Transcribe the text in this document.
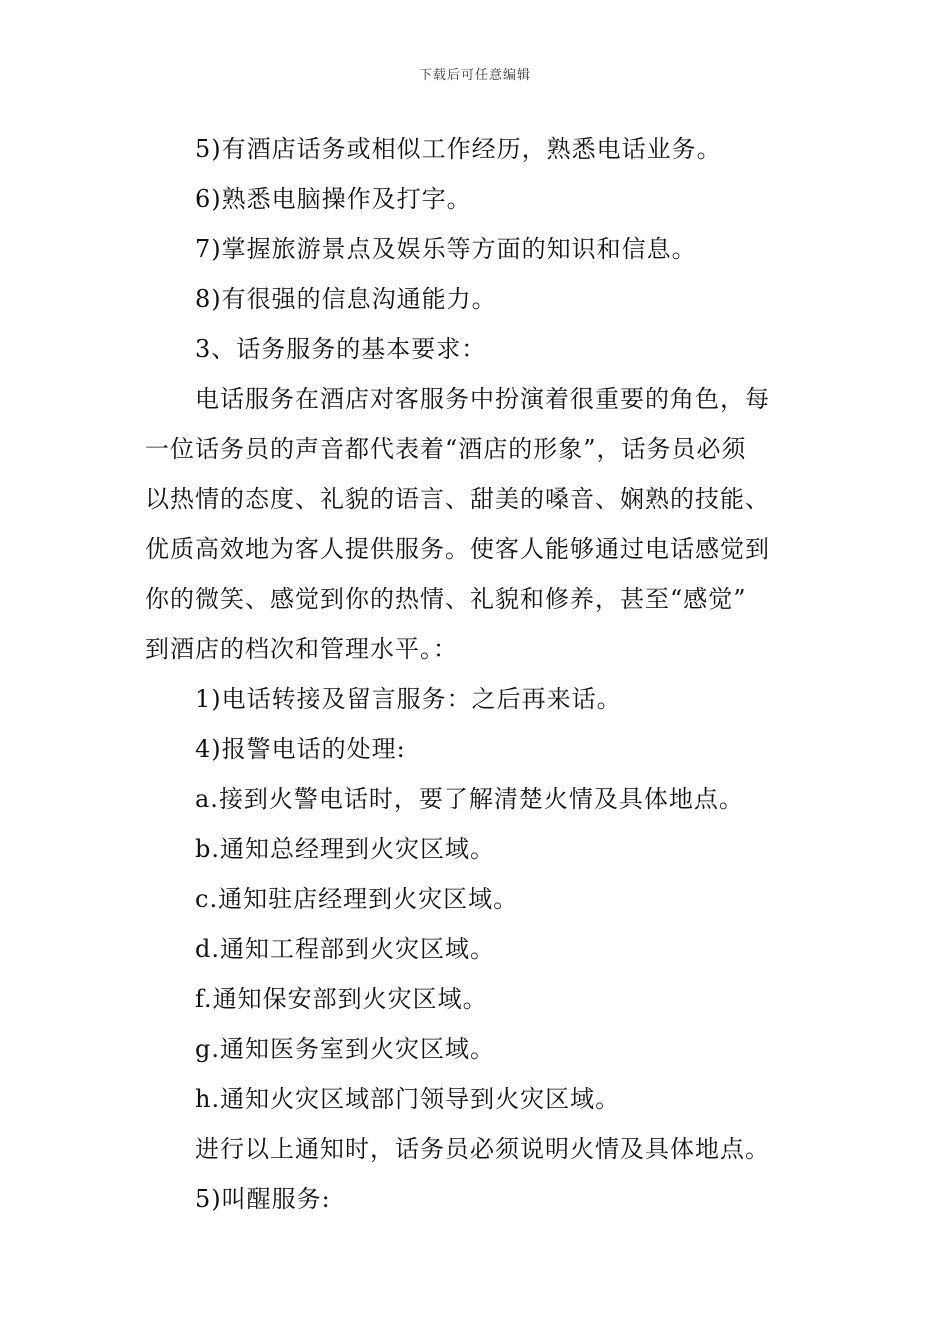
下载后可任意编辑
5)有酒店话务或相似工作经历，熟悉电话业务。
6)熟悉电脑操作及打字。
7)掌握旅游景点及娱乐等方面的知识和信息。
8)有很强的信息沟通能力。
3、话务服务的基本要求：
电话服务在酒店对客服务中扮演着很重要的角色，每
一位话务员的声音都代表着“酒店的形象”，话务员必须
以热情的态度、礼貌的语言、甜美的嗓音、娴熟的技能、
优质高效地为客人提供服务。使客人能够通过电话感觉到
你的微笑、感觉到你的热情、礼貌和修养，甚至“感觉”
到酒店的档次和管理水平。：
1)电话转接及留言服务：之后再来话。
4)报警电话的处理:
a.接到火警电话时，要了解清楚火情及具体地点。
b.通知总经理到火灾区域。
c.通知驻店经理到火灾区域。
d.通知工程部到火灾区域。
f.通知保安部到火灾区域。
g.通知医务室到火灾区域。
h.通知火灾区域部门领导到火灾区域。
进行以上通知时，话务员必须说明火情及具体地点。
5)叫醒服务:
